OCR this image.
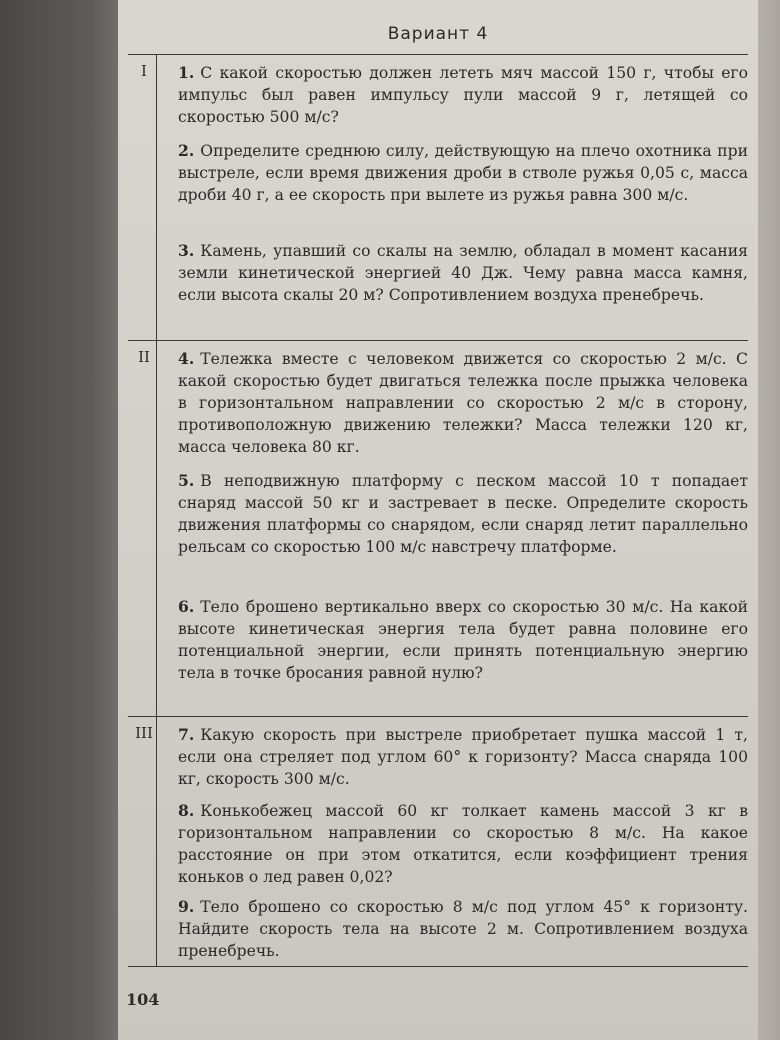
Вариант 4
I
II
III
1. С какой скоростью должен лететь мяч массой 150 г, чтобы его импульс был равен импульсу пули массой 9 г, летящей со скоростью 500 м/с?
2. Определите среднюю силу, действующую на плечо охотника при выстреле, если время движения дроби в стволе ружья 0,05 с, масса дроби 40 г, а ее скорость при вылете из ружья равна 300 м/с.
3. Камень, упавший со скалы на землю, обладал в момент касания земли кинетической энергией 40 Дж. Чему равна масса камня, если высота скалы 20 м? Сопротивлением воздуха пренебречь.
4. Тележка вместе с человеком движется со скоростью 2 м/с. С какой скоростью будет двигаться тележка после прыжка человека в горизонтальном направлении со скоростью 2 м/с в сторону, противоположную движению тележки? Масса тележки 120 кг, масса человека 80 кг.
5. В неподвижную платформу с песком массой 10 т попадает снаряд массой 50 кг и застревает в песке. Определите скорость движения платформы со снарядом, если снаряд летит параллельно рельсам со скоростью 100 м/с навстречу платформе.
6. Тело брошено вертикально вверх со скоростью 30 м/с. На какой высоте кинетическая энергия тела будет равна половине его потенциальной энергии, если принять потенциальную энергию тела в точке бросания равной нулю?
7. Какую скорость при выстреле приобретает пушка массой 1 т, если она стреляет под углом 60° к горизонту? Масса снаряда 100 кг, скорость 300 м/с.
8. Конькобежец массой 60 кг толкает камень массой 3 кг в горизонтальном направлении со скоростью 8 м/с. На какое расстояние он при этом откатится, если коэффициент трения коньков о лед равен 0,02?
9. Тело брошено со скоростью 8 м/с под углом 45° к горизонту. Найдите скорость тела на высоте 2 м. Сопротивлением воздуха пренебречь.
104
